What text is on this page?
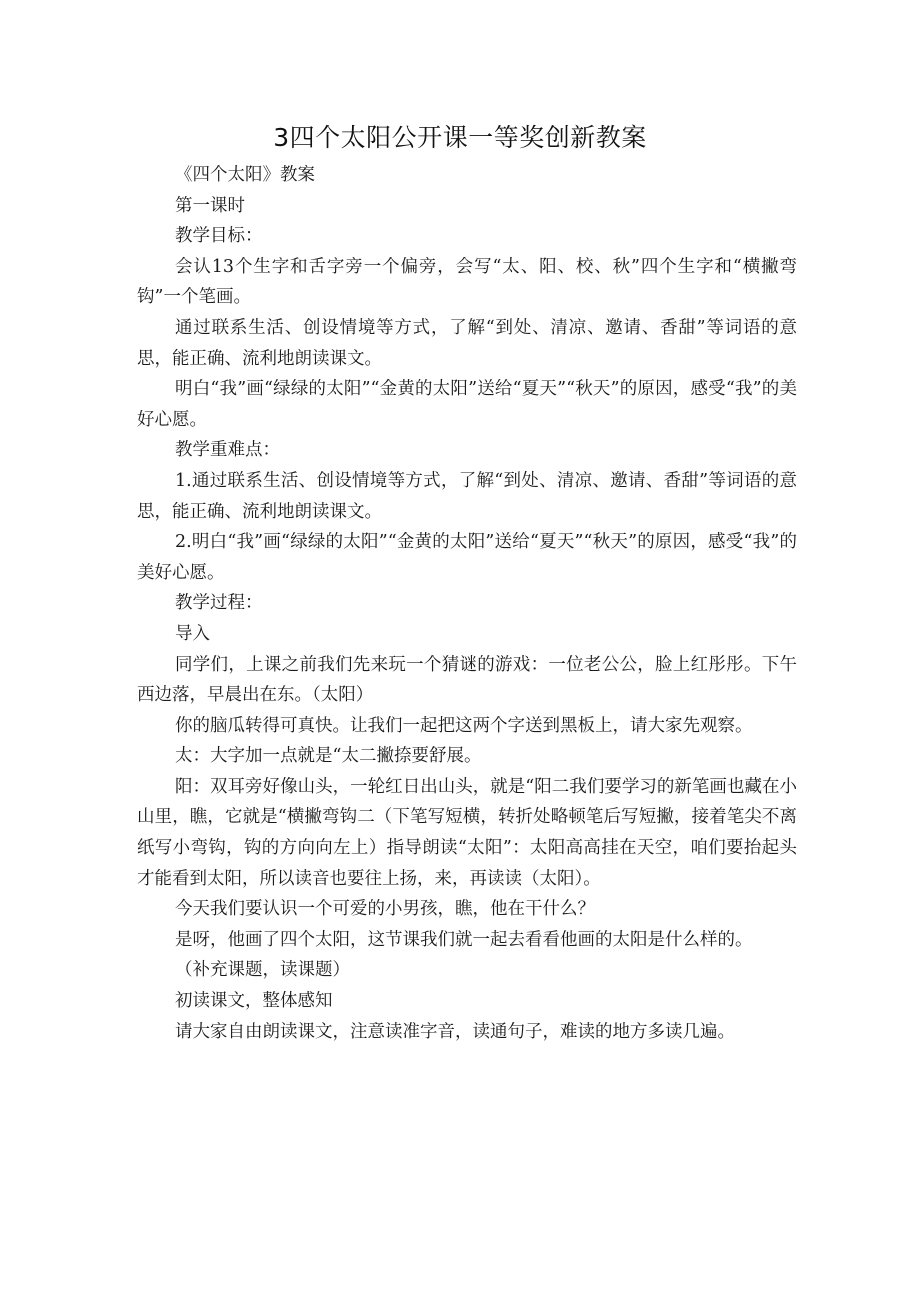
3四个太阳公开课一等奖创新教案

《四个太阳》教案

第一课时

教学目标：

会认13个生字和舌字旁一个偏旁，会写“太、阳、校、秋”四个生字和“横撇弯钩”一个笔画。

通过联系生活、创设情境等方式，了解“到处、清凉、邀请、香甜”等词语的意思，能正确、流利地朗读课文。

明白“我”画“绿绿的太阳”“金黄的太阳”送给“夏天”“秋天”的原因，感受“我”的美好心愿。

教学重难点：

1.通过联系生活、创设情境等方式，了解“到处、清凉、邀请、香甜”等词语的意思，能正确、流利地朗读课文。

2.明白“我”画“绿绿的太阳”“金黄的太阳”送给“夏天”“秋天”的原因，感受“我”的美好心愿。

教学过程：

导入

同学们，上课之前我们先来玩一个猜谜的游戏：一位老公公，脸上红彤彤。下午西边落，早晨出在东。（太阳）

你的脑瓜转得可真快。让我们一起把这两个字送到黑板上，请大家先观察。

太：大字加一点就是“太二撇捺要舒展。

阳：双耳旁好像山头，一轮红日出山头，就是“阳二我们要学习的新笔画也藏在小山里，瞧，它就是“横撇弯钩二（下笔写短横，转折处略顿笔后写短撇，接着笔尖不离纸写小弯钩，钩的方向向左上）指导朗读“太阳”：太阳高高挂在天空，咱们要抬起头才能看到太阳，所以读音也要往上扬，来，再读读（太阳）。

今天我们要认识一个可爱的小男孩，瞧，他在干什么？

是呀，他画了四个太阳，这节课我们就一起去看看他画的太阳是什么样的。

（补充课题，读课题）

初读课文，整体感知

请大家自由朗读课文，注意读准字音，读通句子，难读的地方多读几遍。
